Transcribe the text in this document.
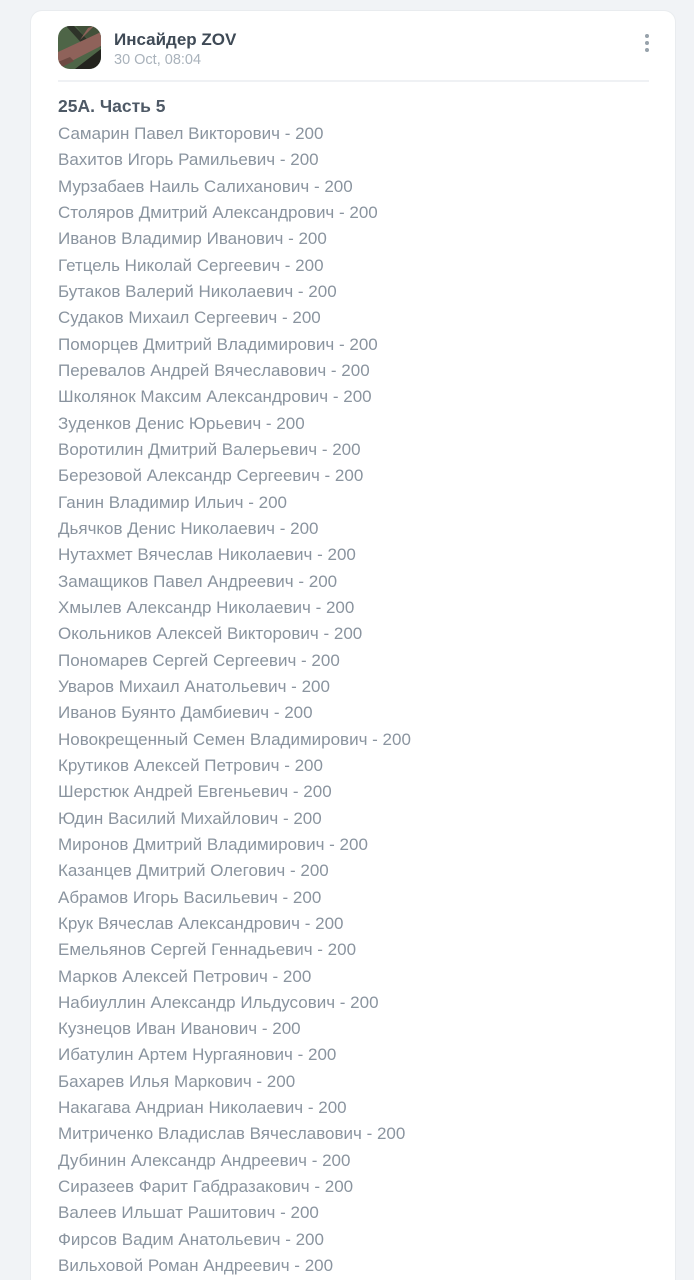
Инсайдер ZOV
30 Oct, 08:04
25А. Часть 5
Самарин Павел Викторович - 200
Вахитов Игорь Рамильевич - 200
Мурзабаев Наиль Салиханович - 200
Столяров Дмитрий Александрович - 200
Иванов Владимир Иванович - 200
Гетцель Николай Сергеевич - 200
Бутаков Валерий Николаевич - 200
Судаков Михаил Сергеевич - 200
Поморцев Дмитрий Владимирович - 200
Перевалов Андрей Вячеславович - 200
Школянок Максим Александрович - 200
Зуденков Денис Юрьевич - 200
Воротилин Дмитрий Валерьевич - 200
Березовой Александр Сергеевич - 200
Ганин Владимир Ильич - 200
Дьячков Денис Николаевич - 200
Нутахмет Вячеслав Николаевич - 200
Замащиков Павел Андреевич - 200
Хмылев Александр Николаевич - 200
Окольников Алексей Викторович - 200
Пономарев Сергей Сергеевич - 200
Уваров Михаил Анатольевич - 200
Иванов Буянто Дамбиевич - 200
Новокрещенный Семен Владимирович - 200
Крутиков Алексей Петрович - 200
Шерстюк Андрей Евгеньевич - 200
Юдин Василий Михайлович - 200
Миронов Дмитрий Владимирович - 200
Казанцев Дмитрий Олегович - 200
Абрамов Игорь Васильевич - 200
Крук Вячеслав Александрович - 200
Емельянов Сергей Геннадьевич - 200
Марков Алексей Петрович - 200
Набиуллин Александр Ильдусович - 200
Кузнецов Иван Иванович - 200
Ибатулин Артем Нургаянович - 200
Бахарев Илья Маркович - 200
Накагава Андриан Николаевич - 200
Митриченко Владислав Вячеславович - 200
Дубинин Александр Андреевич - 200
Сиразеев Фарит Габдразакович - 200
Валеев Ильшат Рашитович - 200
Фирсов Вадим Анатольевич - 200
Вильховой Роман Андреевич - 200
